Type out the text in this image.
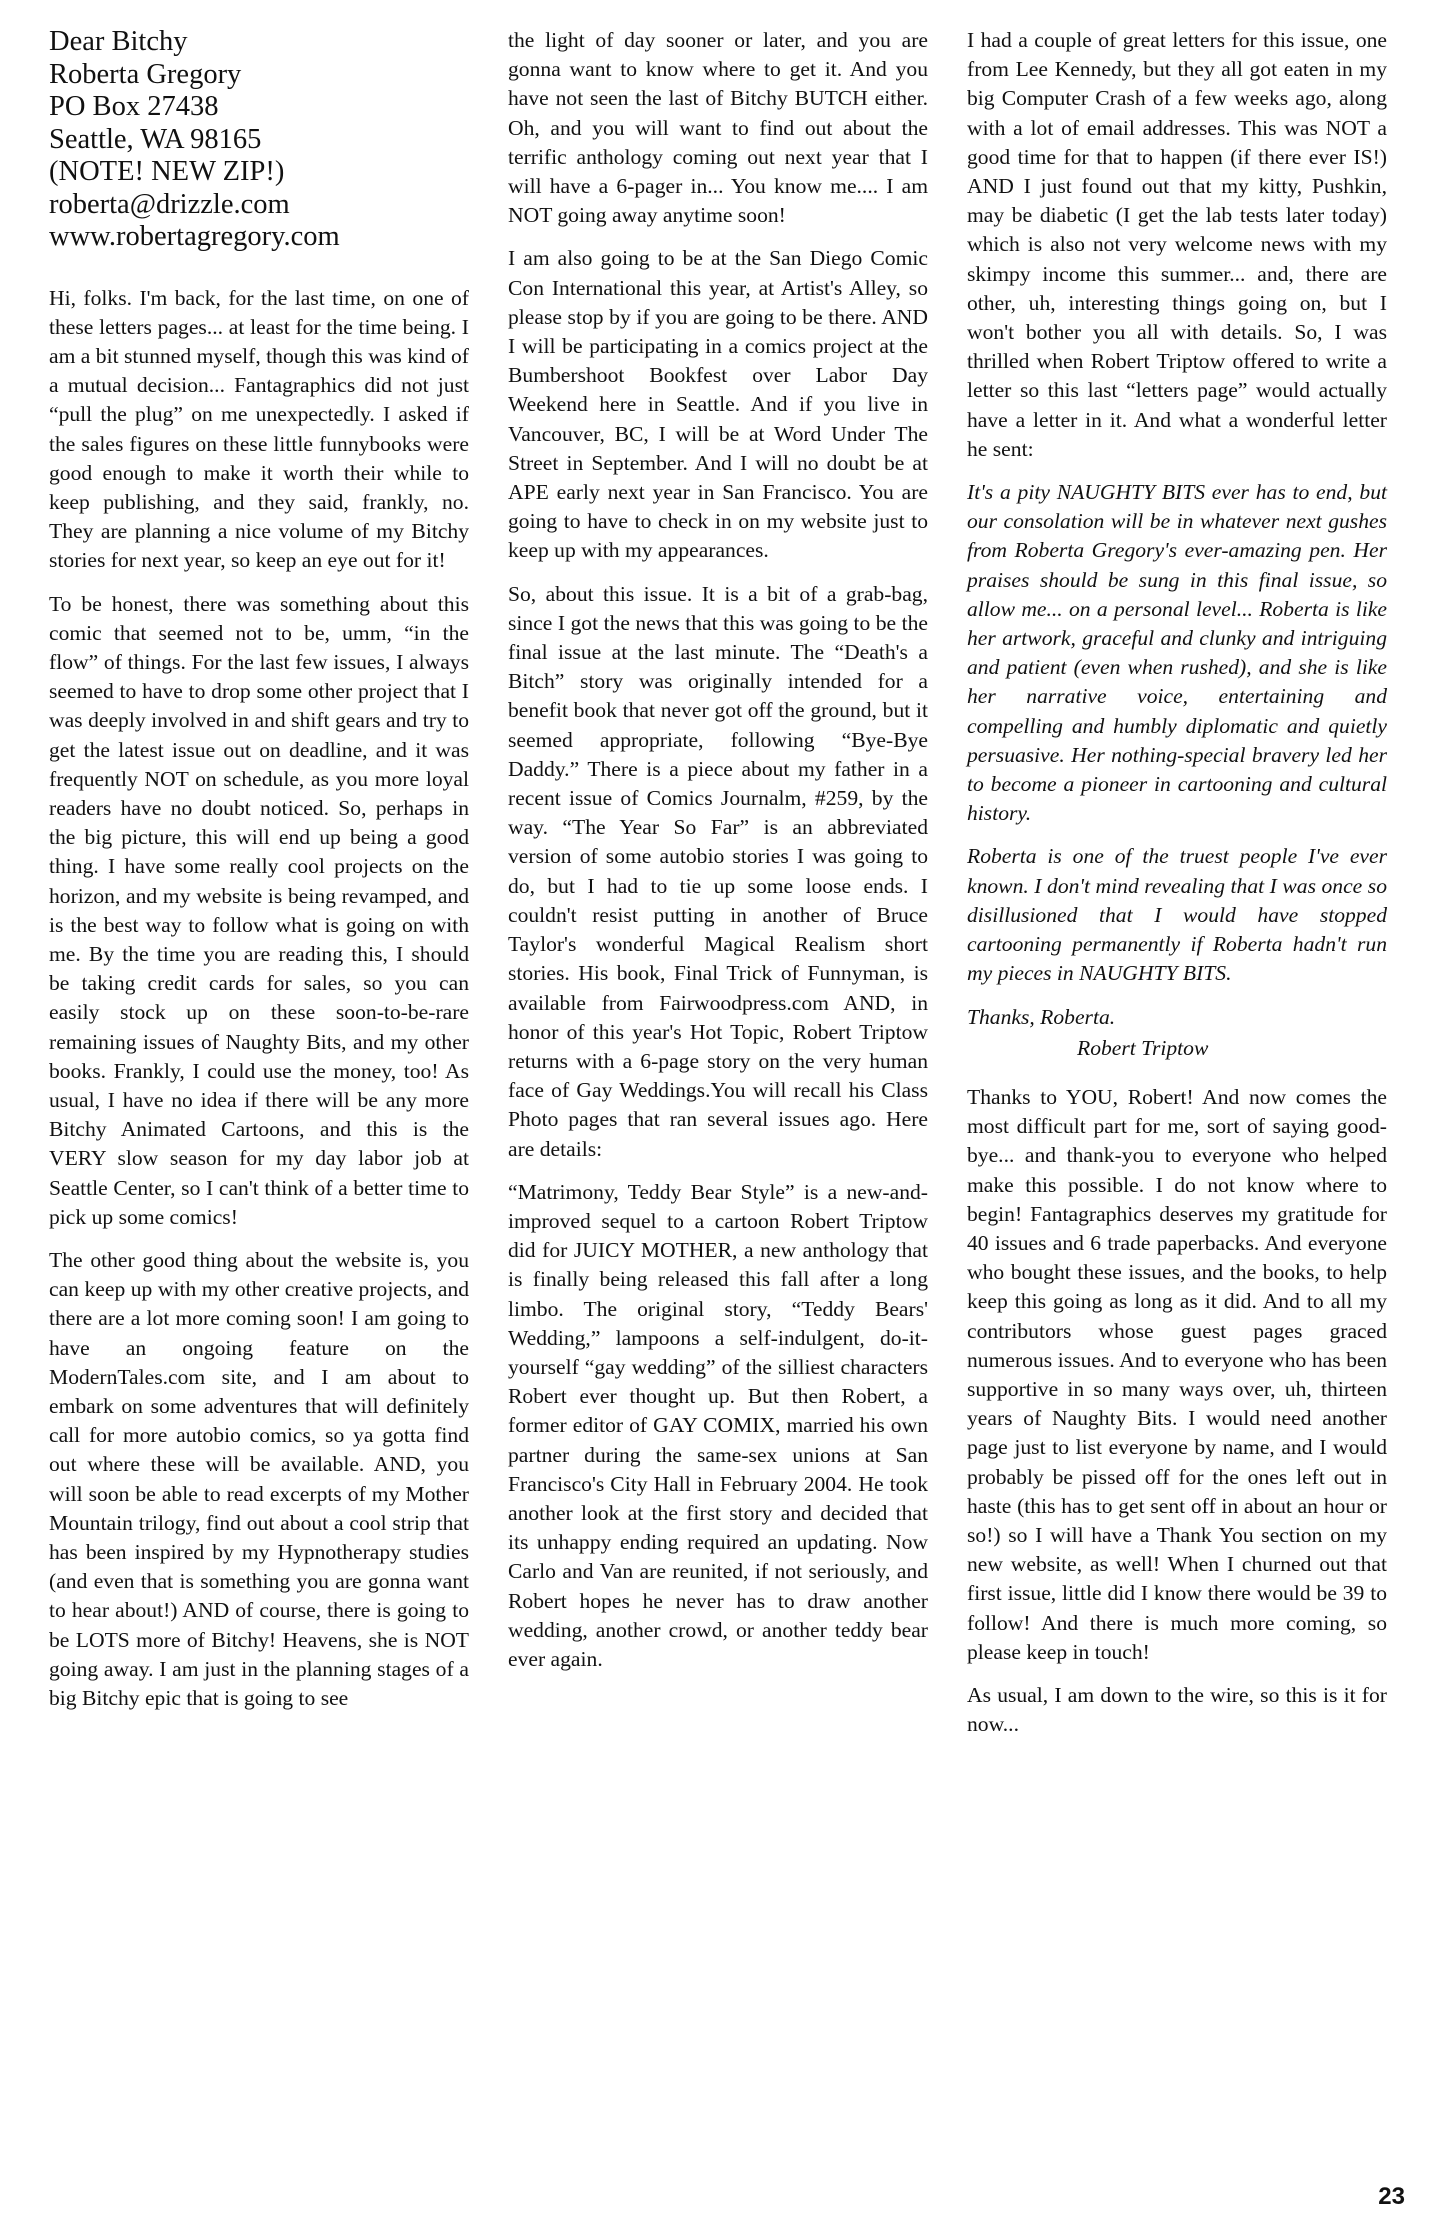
Dear Bitchy
Roberta Gregory
PO Box 27438
Seattle, WA 98165
(NOTE! NEW ZIP!)
roberta@drizzle.com
www.robertagregory.com

Hi, folks. I'm back, for the last time, on one of these letters pages... at least for the time being. I am a bit stunned myself, though this was kind of a mutual decision... Fantagraphics did not just “pull the plug” on me unexpectedly. I asked if the sales figures on these little funnybooks were good enough to make it worth their while to keep publishing, and they said, frankly, no. They are planning a nice volume of my Bitchy stories for next year, so keep an eye out for it!

To be honest, there was something about this comic that seemed not to be, umm, “in the flow” of things. For the last few issues, I always seemed to have to drop some other project that I was deeply involved in and shift gears and try to get the latest issue out on deadline, and it was frequently NOT on schedule, as you more loyal readers have no doubt noticed. So, perhaps in the big picture, this will end up being a good thing. I have some really cool projects on the horizon, and my website is being revamped, and is the best way to follow what is going on with me. By the time you are reading this, I should be taking credit cards for sales, so you can easily stock up on these soon-to-be-rare remaining issues of Naughty Bits, and my other books. Frankly, I could use the money, too! As usual, I have no idea if there will be any more Bitchy Animated Cartoons, and this is the VERY slow season for my day labor job at Seattle Center, so I can't think of a better time to pick up some comics!

The other good thing about the website is, you can keep up with my other creative projects, and there are a lot more coming soon! I am going to have an ongoing feature on the ModernTales.com site, and I am about to embark on some adventures that will definitely call for more autobio comics, so ya gotta find out where these will be available. AND, you will soon be able to read excerpts of my Mother Mountain trilogy, find out about a cool strip that has been inspired by my Hypnotherapy studies (and even that is something you are gonna want to hear about!) AND of course, there is going to be LOTS more of Bitchy! Heavens, she is NOT going away. I am just in the planning stages of a big Bitchy epic that is going to see

the light of day sooner or later, and you are gonna want to know where to get it. And you have not seen the last of Bitchy BUTCH either. Oh, and you will want to find out about the terrific anthology coming out next year that I will have a 6-pager in... You know me.... I am NOT going away anytime soon!

I am also going to be at the San Diego Comic Con International this year, at Artist's Alley, so please stop by if you are going to be there. AND I will be participating in a comics project at the Bumbershoot Bookfest over Labor Day Weekend here in Seattle. And if you live in Vancouver, BC, I will be at Word Under The Street in September. And I will no doubt be at APE early next year in San Francisco. You are going to have to check in on my website just to keep up with my appearances.

So, about this issue. It is a bit of a grab-bag, since I got the news that this was going to be the final issue at the last minute. The “Death's a Bitch” story was originally intended for a benefit book that never got off the ground, but it seemed appropriate, following “Bye-Bye Daddy.” There is a piece about my father in a recent issue of Comics Journalm, #259, by the way. “The Year So Far” is an abbreviated version of some autobio stories I was going to do, but I had to tie up some loose ends. I couldn't resist putting in another of Bruce Taylor's wonderful Magical Realism short stories. His book, Final Trick of Funnyman, is available from Fairwoodpress.com AND, in honor of this year's Hot Topic, Robert Triptow returns with a 6-page story on the very human face of Gay Weddings.You will recall his Class Photo pages that ran several issues ago. Here are details:

“Matrimony, Teddy Bear Style” is a new-and-improved sequel to a cartoon Robert Triptow did for JUICY MOTHER, a new anthology that is finally being released this fall after a long limbo. The original story, “Teddy Bears' Wedding,” lampoons a self-indulgent, do-it-yourself “gay wedding” of the silliest characters Robert ever thought up. But then Robert, a former editor of GAY COMIX, married his own partner during the same-sex unions at San Francisco's City Hall in February 2004. He took another look at the first story and decided that its unhappy ending required an updating. Now Carlo and Van are reunited, if not seriously, and Robert hopes he never has to draw another wedding, another crowd, or another teddy bear ever again.

I had a couple of great letters for this issue, one from Lee Kennedy, but they all got eaten in my big Computer Crash of a few weeks ago, along with a lot of email addresses. This was NOT a good time for that to happen (if there ever IS!) AND I just found out that my kitty, Pushkin, may be diabetic (I get the lab tests later today) which is also not very welcome news with my skimpy income this summer... and, there are other, uh, interesting things going on, but I won't bother you all with details. So, I was thrilled when Robert Triptow offered to write a letter so this last “letters page” would actually have a letter in it. And what a wonderful letter he sent:

It's a pity NAUGHTY BITS ever has to end, but our consolation will be in whatever next gushes from Roberta Gregory's ever-amazing pen. Her praises should be sung in this final issue, so allow me... on a personal level... Roberta is like her artwork, graceful and clunky and intriguing and patient (even when rushed), and she is like her narrative voice, entertaining and compelling and humbly diplomatic and quietly persuasive. Her nothing-special bravery led her to become a pioneer in cartooning and cultural history.

Roberta is one of the truest people I've ever known. I don't mind revealing that I was once so disillusioned that I would have stopped cartooning permanently if Roberta hadn't run my pieces in NAUGHTY BITS.

Thanks, Roberta.

Robert Triptow

Thanks to YOU, Robert! And now comes the most difficult part for me, sort of saying good-bye... and thank-you to everyone who helped make this possible. I do not know where to begin! Fantagraphics deserves my gratitude for 40 issues and 6 trade paperbacks. And everyone who bought these issues, and the books, to help keep this going as long as it did. And to all my contributors whose guest pages graced numerous issues. And to everyone who has been supportive in so many ways over, uh, thirteen years of Naughty Bits. I would need another page just to list everyone by name, and I would probably be pissed off for the ones left out in haste (this has to get sent off in about an hour or so!) so I will have a Thank You section on my new website, as well! When I churned out that first issue, little did I know there would be 39 to follow! And there is much more coming, so please keep in touch!

As usual, I am down to the wire, so this is it for now...

23
